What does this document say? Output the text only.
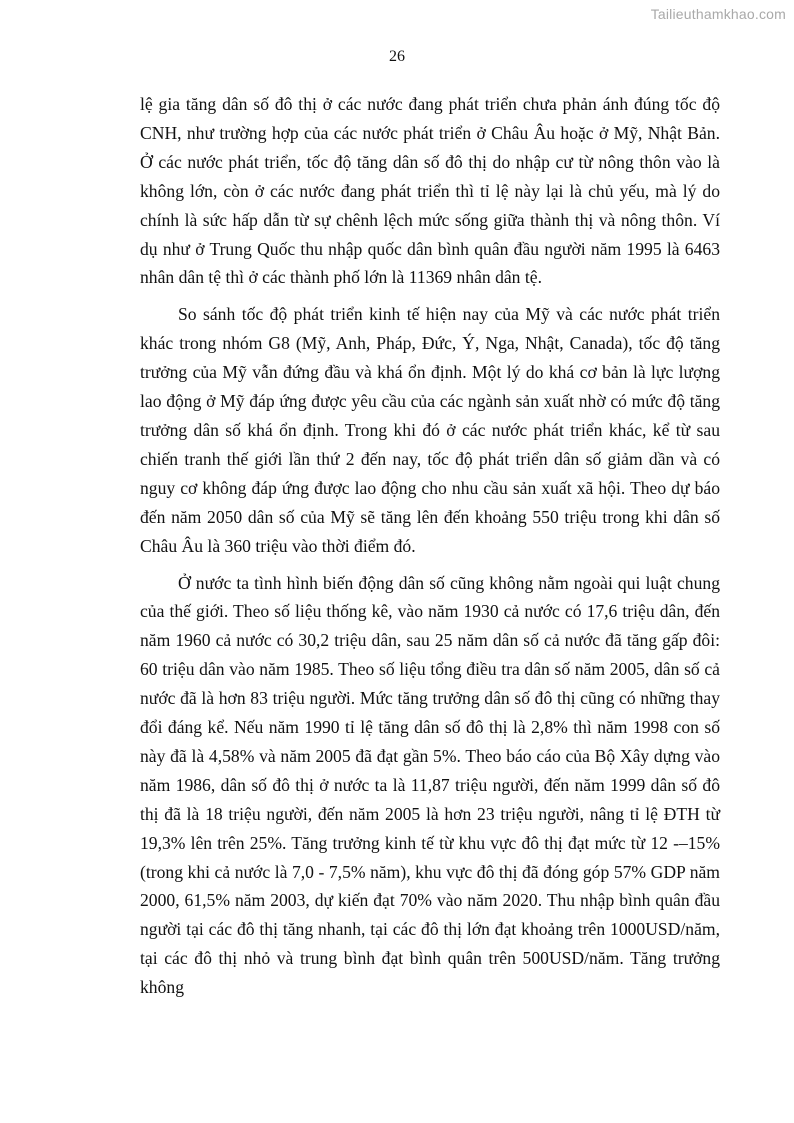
Tailieuthamkhao.com
26

lệ gia tăng dân số đô thị ở các nước đang phát triển chưa phản ánh đúng tốc độ CNH, như trường hợp của các nước phát triển ở Châu Âu hoặc ở Mỹ, Nhật Bản. Ở các nước phát triển, tốc độ tăng dân số đô thị do nhập cư từ nông thôn vào là không lớn, còn ở các nước đang phát triển thì tỉ lệ này lại là chủ yếu, mà lý do chính là sức hấp dẫn từ sự chênh lệch mức sống giữa thành thị và nông thôn. Ví dụ như ở Trung Quốc thu nhập quốc dân bình quân đầu người năm 1995 là 6463 nhân dân tệ thì ở các thành phố lớn là 11369 nhân dân tệ.

So sánh tốc độ phát triển kinh tế hiện nay của Mỹ và các nước phát triển khác trong nhóm G8 (Mỹ, Anh, Pháp, Đức, Ý, Nga, Nhật, Canada), tốc độ tăng trưởng của Mỹ vẫn đứng đầu và khá ổn định. Một lý do khá cơ bản là lực lượng lao động ở Mỹ đáp ứng được yêu cầu của các ngành sản xuất nhờ có mức độ tăng trưởng dân số khá ổn định. Trong khi đó ở các nước phát triển khác, kể từ sau chiến tranh thế giới lần thứ 2 đến nay, tốc độ phát triển dân số giảm dần và có nguy cơ không đáp ứng được lao động cho nhu cầu sản xuất xã hội. Theo dự báo đến năm 2050 dân số của Mỹ sẽ tăng lên đến khoảng 550 triệu trong khi dân số Châu Âu là 360 triệu vào thời điểm đó.

Ở nước ta tình hình biến động dân số cũng không nằm ngoài qui luật chung của thế giới. Theo số liệu thống kê, vào năm 1930 cả nước có 17,6 triệu dân, đến năm 1960 cả nước có 30,2 triệu dân, sau 25 năm dân số cả nước đã tăng gấp đôi: 60 triệu dân vào năm 1985. Theo số liệu tổng điều tra dân số năm 2005, dân số cả nước đã là hơn 83 triệu người. Mức tăng trưởng dân số đô thị cũng có những thay đổi đáng kể. Nếu năm 1990 tỉ lệ tăng dân số đô thị là 2,8% thì năm 1998 con số này đã là 4,58% và năm 2005 đã đạt gần 5%. Theo báo cáo của Bộ Xây dựng vào năm 1986, dân số đô thị ở nước ta là 11,87 triệu người, đến năm 1999 dân số đô thị đã là 18 triệu người, đến năm 2005 là hơn 23 triệu người, nâng tỉ lệ ĐTH từ 19,3% lên trên 25%. Tăng trưởng kinh tế từ khu vực đô thị đạt mức từ 12 -–15% (trong khi cả nước là 7,0 - 7,5% năm), khu vực đô thị đã đóng góp 57% GDP năm 2000, 61,5% năm 2003, dự kiến đạt 70% vào năm 2020. Thu nhập bình quân đầu người tại các đô thị tăng nhanh, tại các đô thị lớn đạt khoảng trên 1000USD/năm, tại các đô thị nhỏ và trung bình đạt bình quân trên 500USD/năm. Tăng trưởng không
